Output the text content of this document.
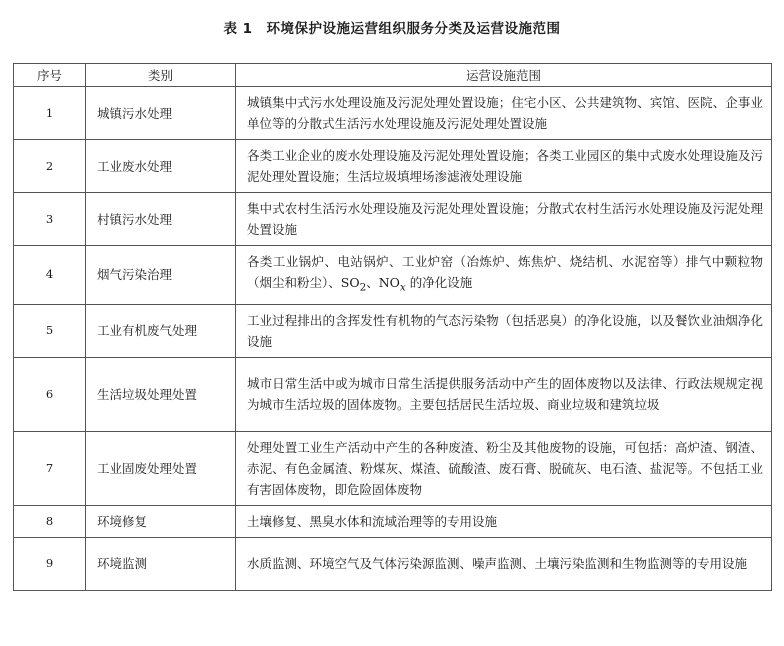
表 1 环境保护设施运营组织服务分类及运营设施范围
序号	类别	运营设施范围
1	城镇污水处理	城镇集中式污水处理设施及污泥处理处置设施；住宅小区、公共建筑物、宾馆、医院、企事业单位等的分散式生活污水处理设施及污泥处理处置设施
2	工业废水处理	各类工业企业的废水处理设施及污泥处理处置设施；各类工业园区的集中式废水处理设施及污泥处理处置设施；生活垃圾填埋场渗滤液处理设施
3	村镇污水处理	集中式农村生活污水处理设施及污泥处理处置设施；分散式农村生活污水处理设施及污泥处理处置设施
4	烟气污染治理	各类工业锅炉、电站锅炉、工业炉窑（冶炼炉、炼焦炉、烧结机、水泥窑等）排气中颗粒物（烟尘和粉尘）、$SO_2$、$NO_x$ 的净化设施
5	工业有机废气处理	工业过程排出的含挥发性有机物的气态污染物（包括恶臭）的净化设施，以及餐饮业油烟净化设施
6	生活垃圾处理处置	城市日常生活中或为城市日常生活提供服务活动中产生的固体废物以及法律、行政法规规定视为城市生活垃圾的固体废物。主要包括居民生活垃圾、商业垃圾和建筑垃圾
7	工业固废处理处置	处理处置工业生产活动中产生的各种废渣、粉尘及其他废物的设施，可包括：高炉渣、钢渣、赤泥、有色金属渣、粉煤灰、煤渣、硫酸渣、废石膏、脱硫灰、电石渣、盐泥等。不包括工业有害固体废物，即危险固体废物
8	环境修复	土壤修复、黑臭水体和流域治理等的专用设施
9	环境监测	水质监测、环境空气及气体污染源监测、噪声监测、土壤污染监测和生物监测等的专用设施
